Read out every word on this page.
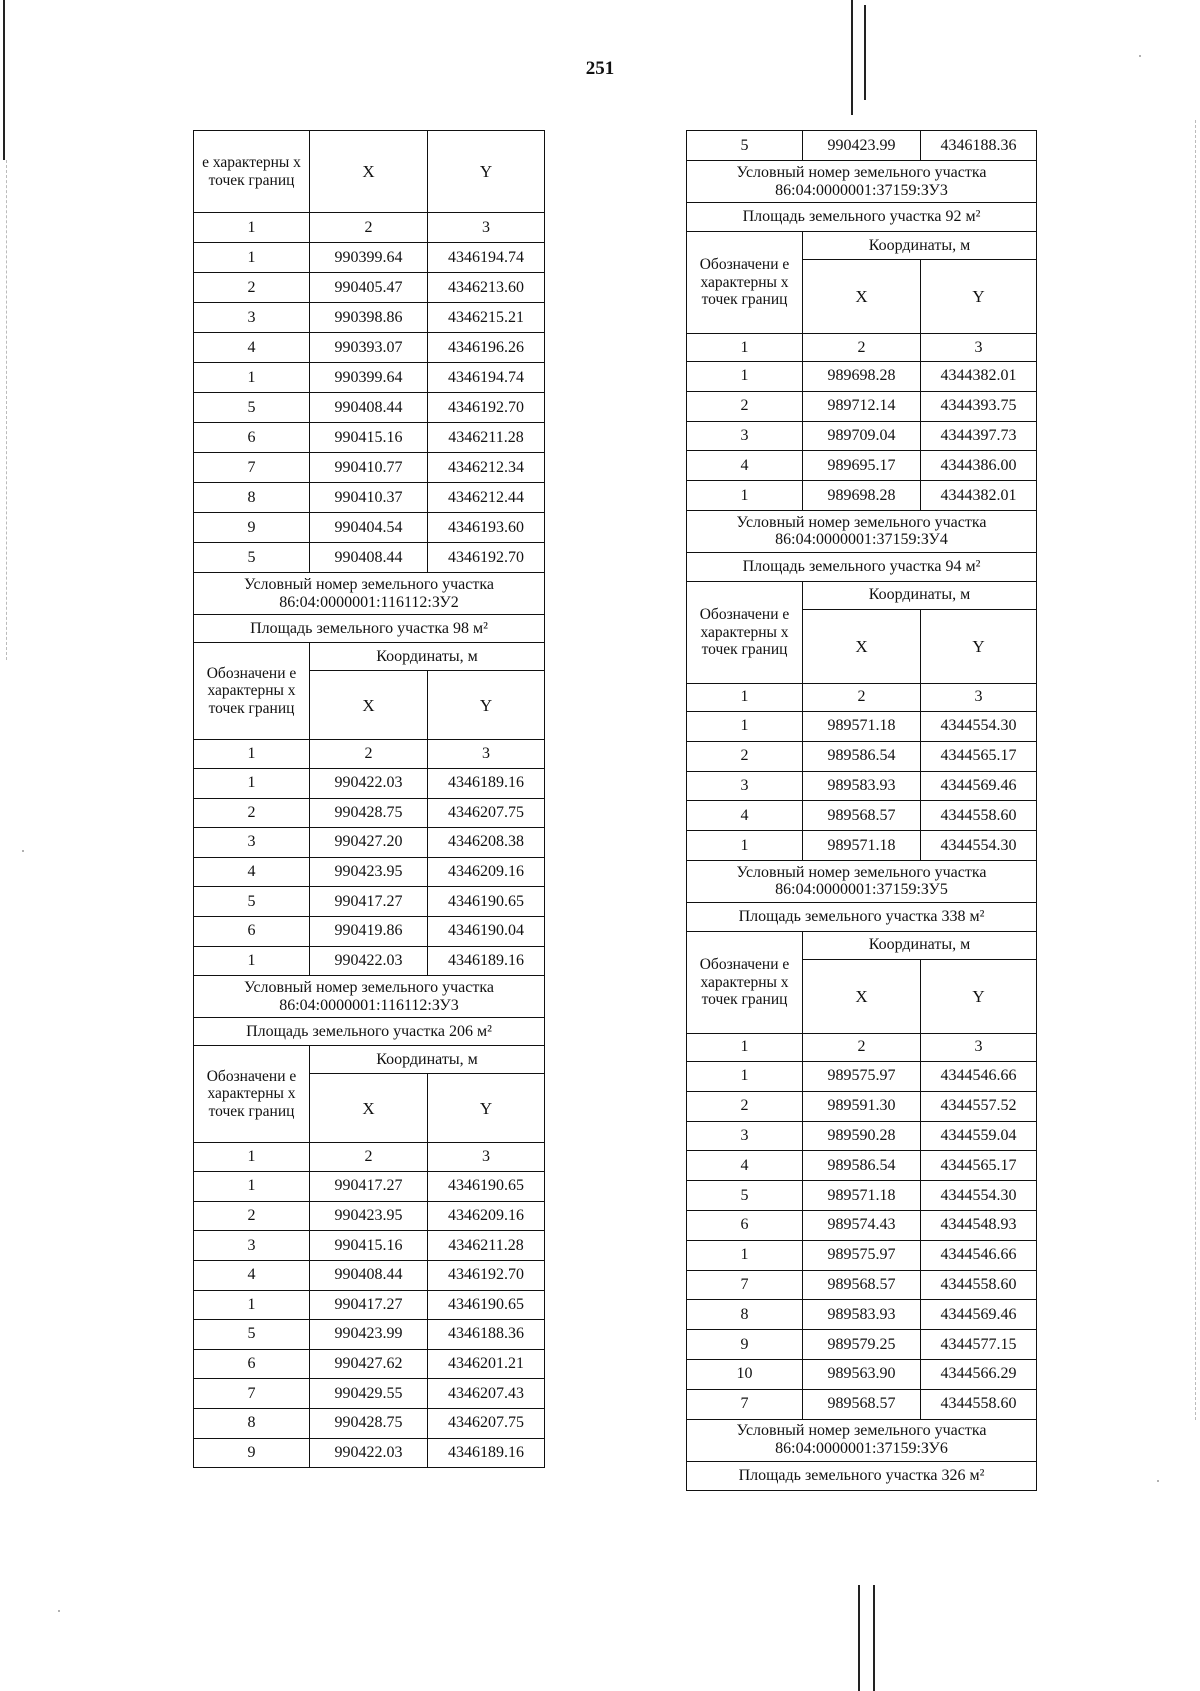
251
е характерны х точек границ	X	Y
1	2	3
1	990399.64	4346194.74
2	990405.47	4346213.60
3	990398.86	4346215.21
4	990393.07	4346196.26
1	990399.64	4346194.74
5	990408.44	4346192.70
6	990415.16	4346211.28
7	990410.77	4346212.34
8	990410.37	4346212.44
9	990404.54	4346193.60
5	990408.44	4346192.70
Условный номер земельного участка 86:04:0000001:116112:ЗУ2		
Площадь земельного участка 98 м²		
Обозначени е характерны х точек границ	Координаты, м	
	X	Y
1	2	3
1	990422.03	4346189.16
2	990428.75	4346207.75
3	990427.20	4346208.38
4	990423.95	4346209.16
5	990417.27	4346190.65
6	990419.86	4346190.04
1	990422.03	4346189.16
Условный номер земельного участка 86:04:0000001:116112:ЗУ3		
Площадь земельного участка 206 м²		
Обозначени е характерны х точек границ	Координаты, м	
	X	Y
1	2	3
1	990417.27	4346190.65
2	990423.95	4346209.16
3	990415.16	4346211.28
4	990408.44	4346192.70
1	990417.27	4346190.65
5	990423.99	4346188.36
6	990427.62	4346201.21
7	990429.55	4346207.43
8	990428.75	4346207.75
9	990422.03	4346189.16
5	990423.99	4346188.36
Условный номер земельного участка 86:04:0000001:37159:ЗУ3		
Площадь земельного участка 92 м²		
Обозначени е характерны х точек границ	Координаты, м	
	X	Y
1	2	3
1	989698.28	4344382.01
2	989712.14	4344393.75
3	989709.04	4344397.73
4	989695.17	4344386.00
1	989698.28	4344382.01
Условный номер земельного участка 86:04:0000001:37159:ЗУ4		
Площадь земельного участка 94 м²		
Обозначени е характерны х точек границ	Координаты, м	
	X	Y
1	2	3
1	989571.18	4344554.30
2	989586.54	4344565.17
3	989583.93	4344569.46
4	989568.57	4344558.60
1	989571.18	4344554.30
Условный номер земельного участка 86:04:0000001:37159:ЗУ5		
Площадь земельного участка 338 м²		
Обозначени е характерны х точек границ	Координаты, м	
	X	Y
1	2	3
1	989575.97	4344546.66
2	989591.30	4344557.52
3	989590.28	4344559.04
4	989586.54	4344565.17
5	989571.18	4344554.30
6	989574.43	4344548.93
1	989575.97	4344546.66
7	989568.57	4344558.60
8	989583.93	4344569.46
9	989579.25	4344577.15
10	989563.90	4344566.29
7	989568.57	4344558.60
Условный номер земельного участка 86:04:0000001:37159:ЗУ6		
Площадь земельного участка 326 м²		
